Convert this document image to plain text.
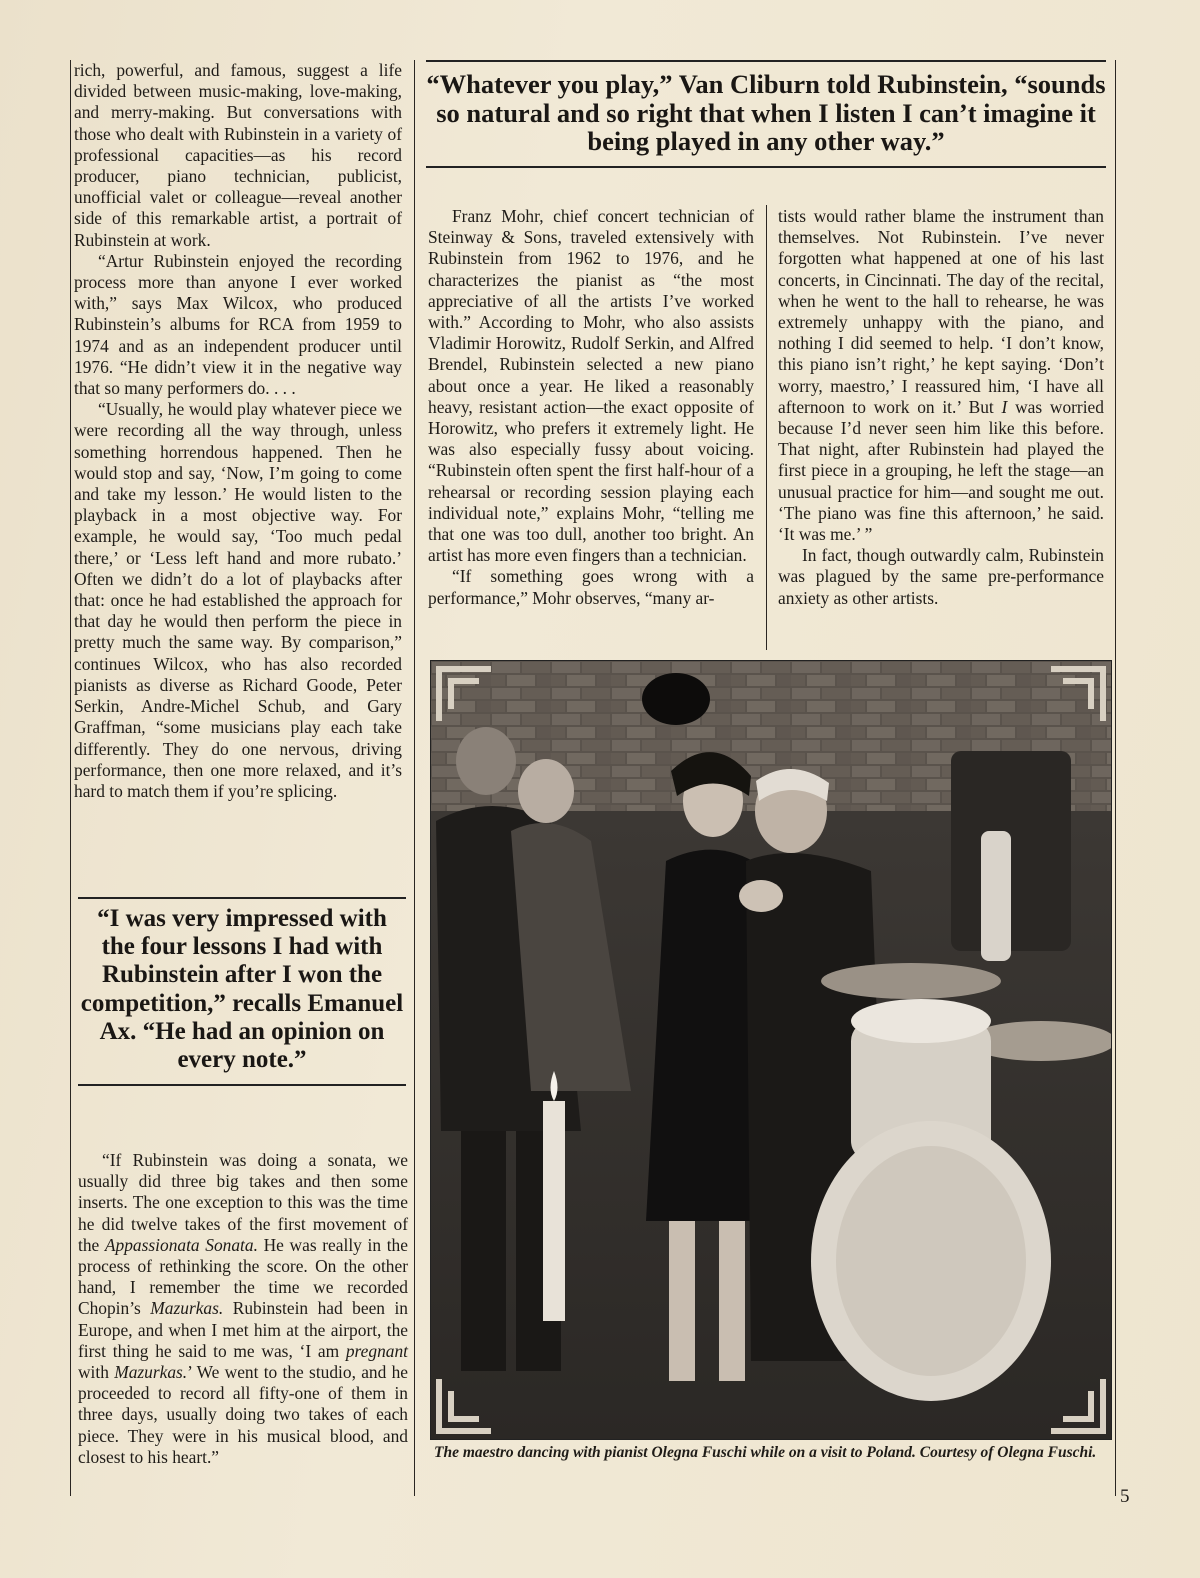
“Whatever you play,” Van Cliburn told Rubinstein, “sounds so natural and so right that when I listen I can’t imagine it being played in any other way.”

rich, powerful, and famous, suggest a life divided between music-making, love-making, and merry-making. But conversations with those who dealt with Rubinstein in a variety of professional capacities—as his record producer, piano technician, publicist, unofficial valet or colleague—reveal another side of this remarkable artist, a portrait of Rubinstein at work.

“Artur Rubinstein enjoyed the recording process more than anyone I ever worked with,” says Max Wilcox, who produced Rubinstein’s albums for RCA from 1959 to 1974 and as an independent producer until 1976. “He didn’t view it in the negative way that so many performers do. . . .

“Usually, he would play whatever piece we were recording all the way through, unless something horrendous happened. Then he would stop and say, ‘Now, I’m going to come and take my lesson.’ He would listen to the playback in a most objective way. For example, he would say, ‘Too much pedal there,’ or ‘Less left hand and more rubato.’ Often we didn’t do a lot of playbacks after that: once he had established the approach for that day he would then perform the piece in pretty much the same way. By comparison,” continues Wilcox, who has also recorded pianists as diverse as Richard Goode, Peter Serkin, Andre-Michel Schub, and Gary Graffman, “some musicians play each take differently. They do one nervous, driving performance, then one more relaxed, and it’s hard to match them if you’re splicing.

“I was very impressed with the four lessons I had with Rubinstein after I won the competition,” recalls Emanuel Ax. “He had an opinion on every note.”

“If Rubinstein was doing a sonata, we usually did three big takes and then some inserts. The one exception to this was the time he did twelve takes of the first movement of the Appassionata Sonata. He was really in the process of rethinking the score. On the other hand, I remember the time we recorded Chopin’s Mazurkas. Rubinstein had been in Europe, and when I met him at the airport, the first thing he said to me was, ‘I am pregnant with Mazurkas.’ We went to the studio, and he proceeded to record all fifty-one of them in three days, usually doing two takes of each piece. They were in his musical blood, and closest to his heart.”

Franz Mohr, chief concert technician of Steinway & Sons, traveled extensively with Rubinstein from 1962 to 1976, and he characterizes the pianist as “the most appreciative of all the artists I’ve worked with.” According to Mohr, who also assists Vladimir Horowitz, Rudolf Serkin, and Alfred Brendel, Rubinstein selected a new piano about once a year. He liked a reasonably heavy, resistant action—the exact opposite of Horowitz, who prefers it extremely light. He was also especially fussy about voicing. “Rubinstein often spent the first half-hour of a rehearsal or recording session playing each individual note,” explains Mohr, “telling me that one was too dull, another too bright. An artist has more even fingers than a technician.

“If something goes wrong with a performance,” Mohr observes, “many ar-

tists would rather blame the instrument than themselves. Not Rubinstein. I’ve never forgotten what happened at one of his last concerts, in Cincinnati. The day of the recital, when he went to the hall to rehearse, he was extremely unhappy with the piano, and nothing I did seemed to help. ‘I don’t know, this piano isn’t right,’ he kept saying. ‘Don’t worry, maestro,’ I reassured him, ‘I have all afternoon to work on it.’ But I was worried because I’d never seen him like this before. That night, after Rubinstein had played the first piece in a grouping, he left the stage—an unusual practice for him—and sought me out. ‘The piano was fine this afternoon,’ he said. ‘It was me.’ ”

In fact, though outwardly calm, Rubinstein was plagued by the same pre-performance anxiety as other artists.

The maestro dancing with pianist Olegna Fuschi while on a visit to Poland. Courtesy of Olegna Fuschi.
5
